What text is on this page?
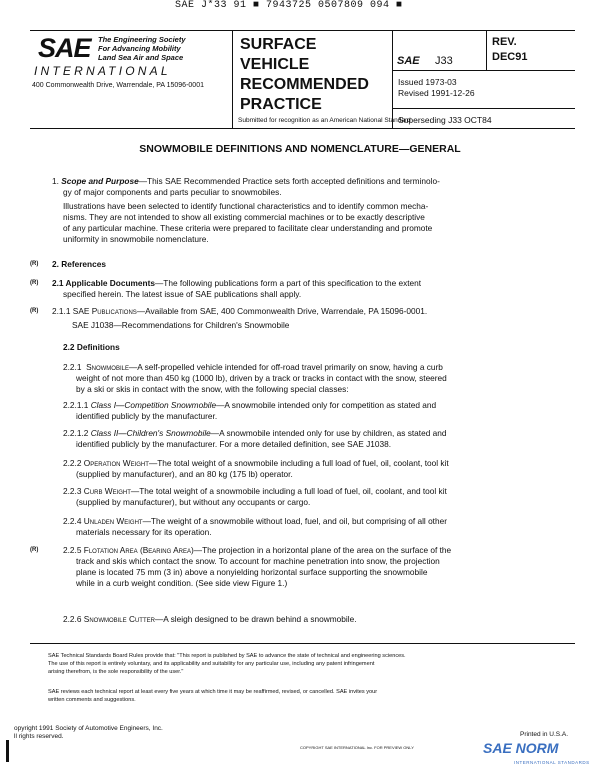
SAE J*33 91 ■ 7943725 0507809 094 ■
SAE The Engineering Society
For Advancing Mobility
Land Sea Air and Space
INTERNATIONAL
400 Commonwealth Drive, Warrendale, PA 15096-0001
SURFACE
VEHICLE
RECOMMENDED
PRACTICE
Submitted for recognition as an American National Standard
SAE J33
REV.
DEC91
Issued 1973-03
Revised 1991-12-26
Superseding J33 OCT84
SNOWMOBILE DEFINITIONS AND NOMENCLATURE—GENERAL
1. Scope and Purpose—This SAE Recommended Practice sets forth accepted definitions and terminolo-
gy of major components and parts peculiar to snowmobiles.
Illustrations have been selected to identify functional characteristics and to identify common mecha-
nisms. They are not intended to show all existing commercial machines or to be exactly descriptive
of any particular machine. These criteria were prepared to facilitate clear understanding and promote
uniformity in snowmobile nomenclature.
(R) 2. References
(R) 2.1 Applicable Documents—The following publications form a part of this specification to the extent
specified herein. The latest issue of SAE publications shall apply.
(R) 2.1.1 SAE Publications—Available from SAE, 400 Commonwealth Drive, Warrendale, PA 15096-0001.
SAE J1038—Recommendations for Children's Snowmobile
2.2 Definitions
2.2.1 Snowmobile—A self-propelled vehicle intended for off-road travel primarily on snow, having a curb
weight of not more than 450 kg (1000 lb), driven by a track or tracks in contact with the snow, steered
by a ski or skis in contact with the snow, with the following special classes:
2.2.1.1 Class I—Competition Snowmobile—A snowmobile intended only for competition as stated and
identified publicly by the manufacturer.
2.2.1.2 Class II—Children's Snowmobile—A snowmobile intended only for use by children, as stated and
identified publicly by the manufacturer. For a more detailed definition, see SAE J1038.
2.2.2 Operation Weight—The total weight of a snowmobile including a full load of fuel, oil, coolant, tool kit
(supplied by manufacturer), and an 80 kg (175 lb) operator.
2.2.3 Curb Weight—The total weight of a snowmobile including a full load of fuel, oil, coolant, and tool kit
(supplied by manufacturer), but without any occupants or cargo.
2.2.4 Unladen Weight—The weight of a snowmobile without load, fuel, and oil, but comprising of all other
materials necessary for its operation.
(R)	2.2.5 Flotation Area (Bearing Area)—The projection in a horizontal plane of the area on the surface of the
track and skis which contact the snow. To account for machine penetration into snow, the projection
plane is located 75 mm (3 in) above a nonyielding horizontal surface supporting the snowmobile
while in a curb weight condition. (See side view Figure 1.)
2.2.6 Snowmobile Cutter—A sleigh designed to be drawn behind a snowmobile.
SAE Technical Standards Board Rules provide that: "This report is published by SAE to advance the state of technical and engineering sciences.
The use of this report is entirely voluntary, and its applicability and suitability for any particular use, including any patent infringement
arising therefrom, is the sole responsibility of the user."
SAE reviews each technical report at least every five years at which time it may be reaffirmed, revised, or cancelled. SAE invites your
written comments and suggestions.
opyright 1991 Society of Automotive Engineers, Inc.
ll rights reserved.	Printed in U.S.A.
COPYRIGHT SAE INTERNATIONAL Inc. FOR PREVIEW ONLY	SAE NORM
INTERNATIONAL STANDARDS
